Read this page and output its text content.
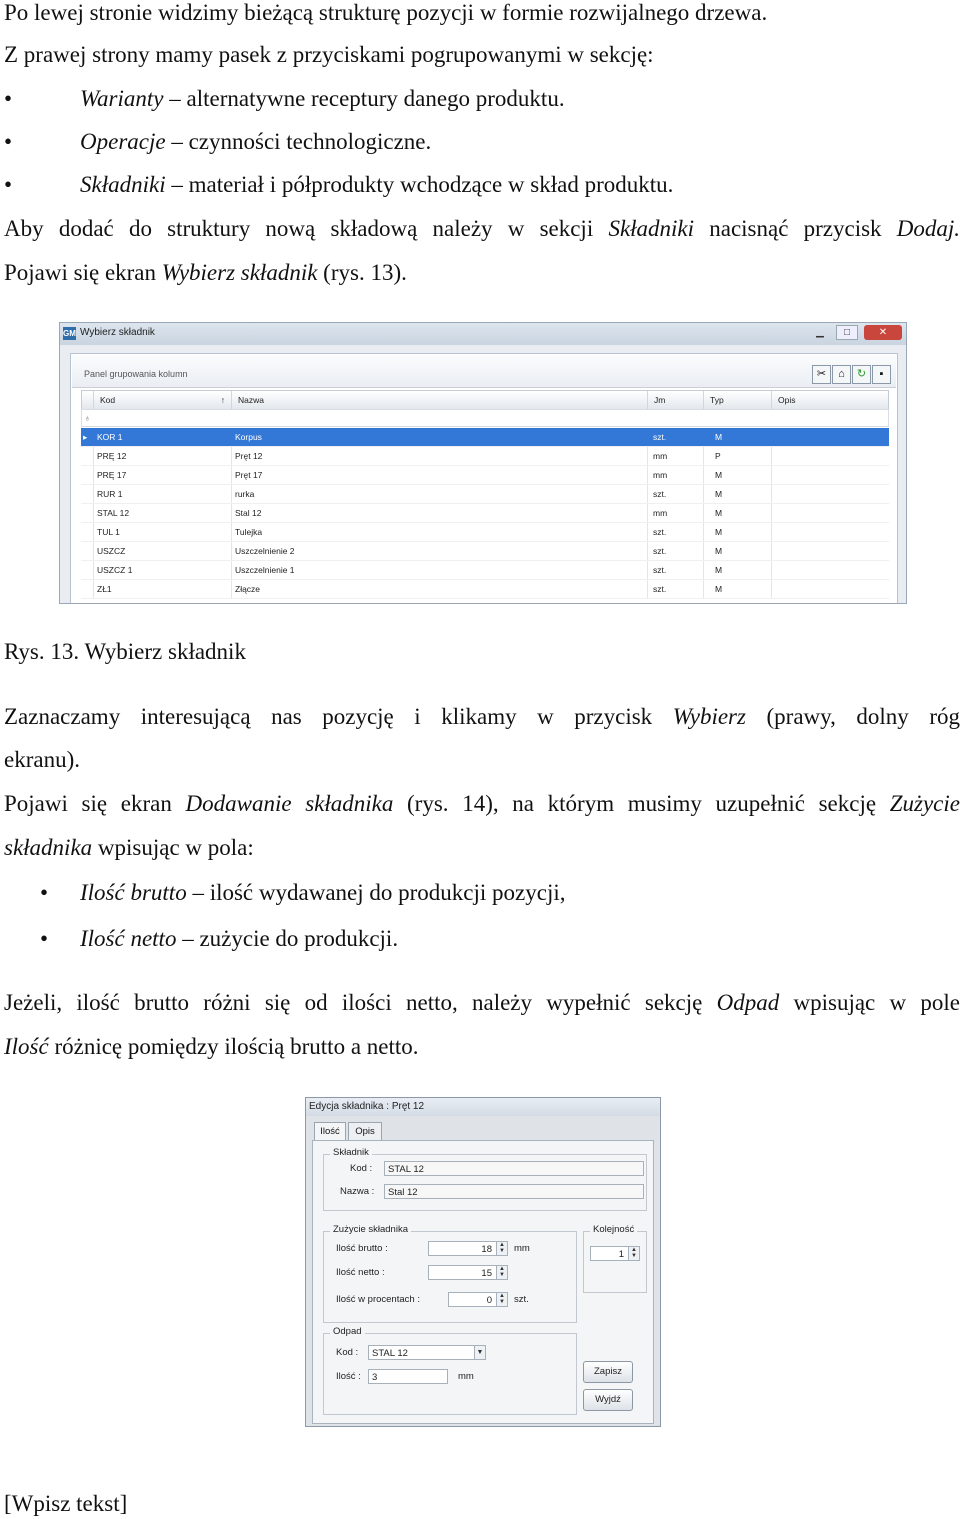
Po lewej stronie widzimy bieżącą strukturę pozycji w formie rozwijalnego drzewa.
Z prawej strony mamy pasek z przyciskami pogrupowanymi w sekcję:
•	Warianty – alternatywne receptury danego produktu.
•	Operacje – czynności technologiczne.
•	Składniki – materiał i półprodukty wchodzące w skład produktu.
Aby dodać do struktury nową składową należy w sekcji Składniki nacisnąć przycisk Dodaj.
Pojawi się ekran Wybierz składnik (rys. 13).
GM Wybierz składnik	▁	□	✕
Panel grupowania kolumn	✂	⌂	↻	▪
Kod	↑	Nazwa	Jm	Typ	Opis
♁
▸ KOR 1	Korpus	szt.	M
PRĘ 12	Pręt 12	mm	P
PRĘ 17	Pręt 17	mm	M
RUR 1	rurka	szt.	M
STAL 12	Stal 12	mm	M
TUL 1	Tulejka	szt.	M
USZCZ	Uszczelnienie 2	szt.	M
USZCZ 1	Uszczelnienie 1	szt.	M
ZŁ1	Złącze	szt.	M
Rys. 13. Wybierz składnik
Zaznaczamy interesującą nas pozycję i klikamy w przycisk Wybierz (prawy, dolny róg
ekranu).
Pojawi się ekran Dodawanie składnika (rys. 14), na którym musimy uzupełnić sekcję Zużycie
składnika wpisując w pola:
• Ilość brutto – ilość wydawanej do produkcji pozycji,
• Ilość netto – zużycie do produkcji.
Jeżeli, ilość brutto różni się od ilości netto, należy wypełnić sekcję Odpad wpisując w pole
Ilość różnicę pomiędzy ilością brutto a netto.
Edycja składnika : Pręt 12
Ilość	Opis
Składnik
Kod :	STAL 12
Nazwa :	Stal 12
Zużycie składnika
Ilość brutto :	18	▲
▼ mm
Ilość netto :	15	▲
▼
Ilość w procentach :	0	▲
▼ szt.
Kolejność
1	▲
▼
Odpad
Kod :	STAL 12	▼
Ilość :	3	mm	Zapisz
Wyjdź
[Wpisz tekst]
